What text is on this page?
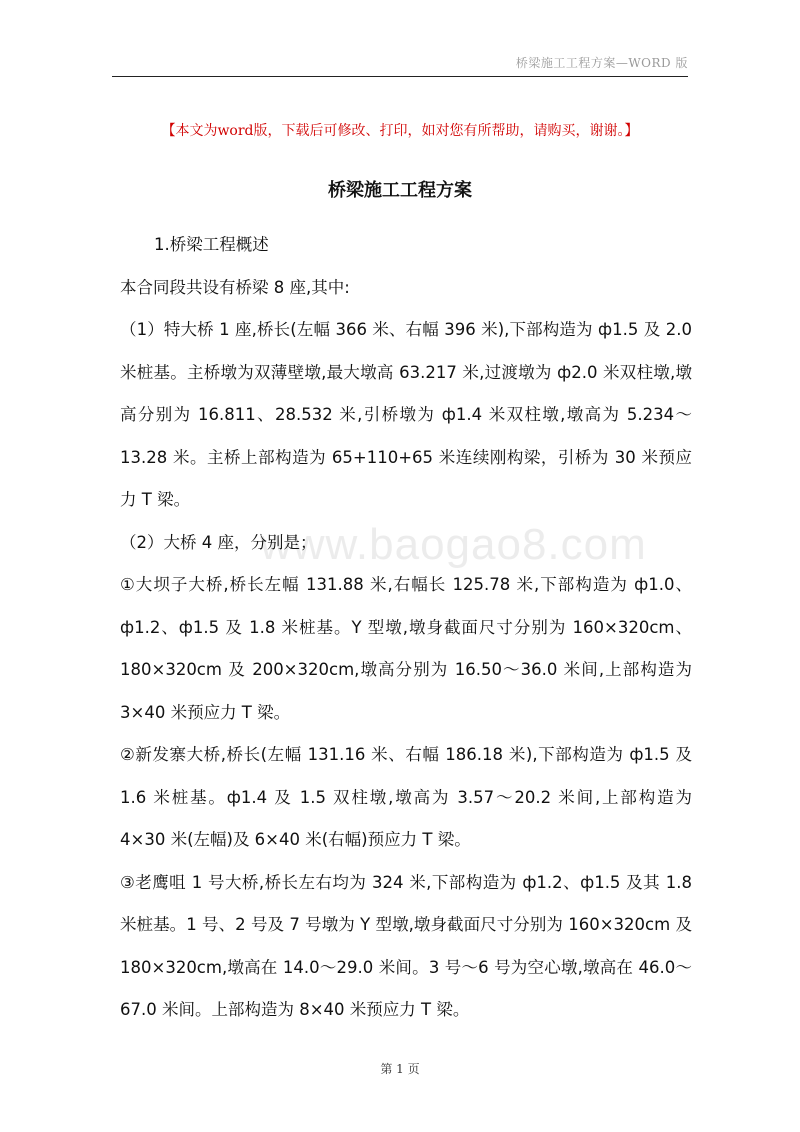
桥梁施工工程方案—WORD 版
【本文为word版，下载后可修改、打印，如对您有所帮助，请购买，谢谢。】
桥梁施工工程方案
www.baogao8.com

1.桥梁工程概述

本合同段共设有桥梁 8 座,其中:

（1）特大桥 1 座,桥长(左幅 366 米、右幅 396 米),下部构造为 ф1.5 及 2.0 米桩基。主桥墩为双薄壁墩,最大墩高 63.217 米,过渡墩为 ф2.0 米双柱墩,墩高分别为 16.811、28.532 米,引桥墩为 ф1.4 米双柱墩,墩高为 5.234～13.28 米。主桥上部构造为 65+110+65 米连续刚构梁，引桥为 30 米预应力 T 梁。

（2）大桥 4 座，分别是；

①大坝子大桥,桥长左幅 131.88 米,右幅长 125.78 米,下部构造为 ф1.0、ф1.2、ф1.5 及 1.8 米桩基。Y 型墩,墩身截面尺寸分别为 160×320cm、180×320cm 及 200×320cm,墩高分别为 16.50～36.0 米间,上部构造为 3×40 米预应力 T 梁。

②新发寨大桥,桥长(左幅 131.16 米、右幅 186.18 米),下部构造为 ф1.5 及 1.6 米桩基。ф1.4 及 1.5 双柱墩,墩高为 3.57～20.2 米间,上部构造为 4×30 米(左幅)及 6×40 米(右幅)预应力 T 梁。

③老鹰咀 1 号大桥,桥长左右均为 324 米,下部构造为 ф1.2、ф1.5 及其 1.8 米桩基。1 号、2 号及 7 号墩为 Y 型墩,墩身截面尺寸分别为 160×320cm 及 180×320cm,墩高在 14.0～29.0 米间。3 号～6 号为空心墩,墩高在 46.0～67.0 米间。上部构造为 8×40 米预应力 T 梁。

第 1 页
